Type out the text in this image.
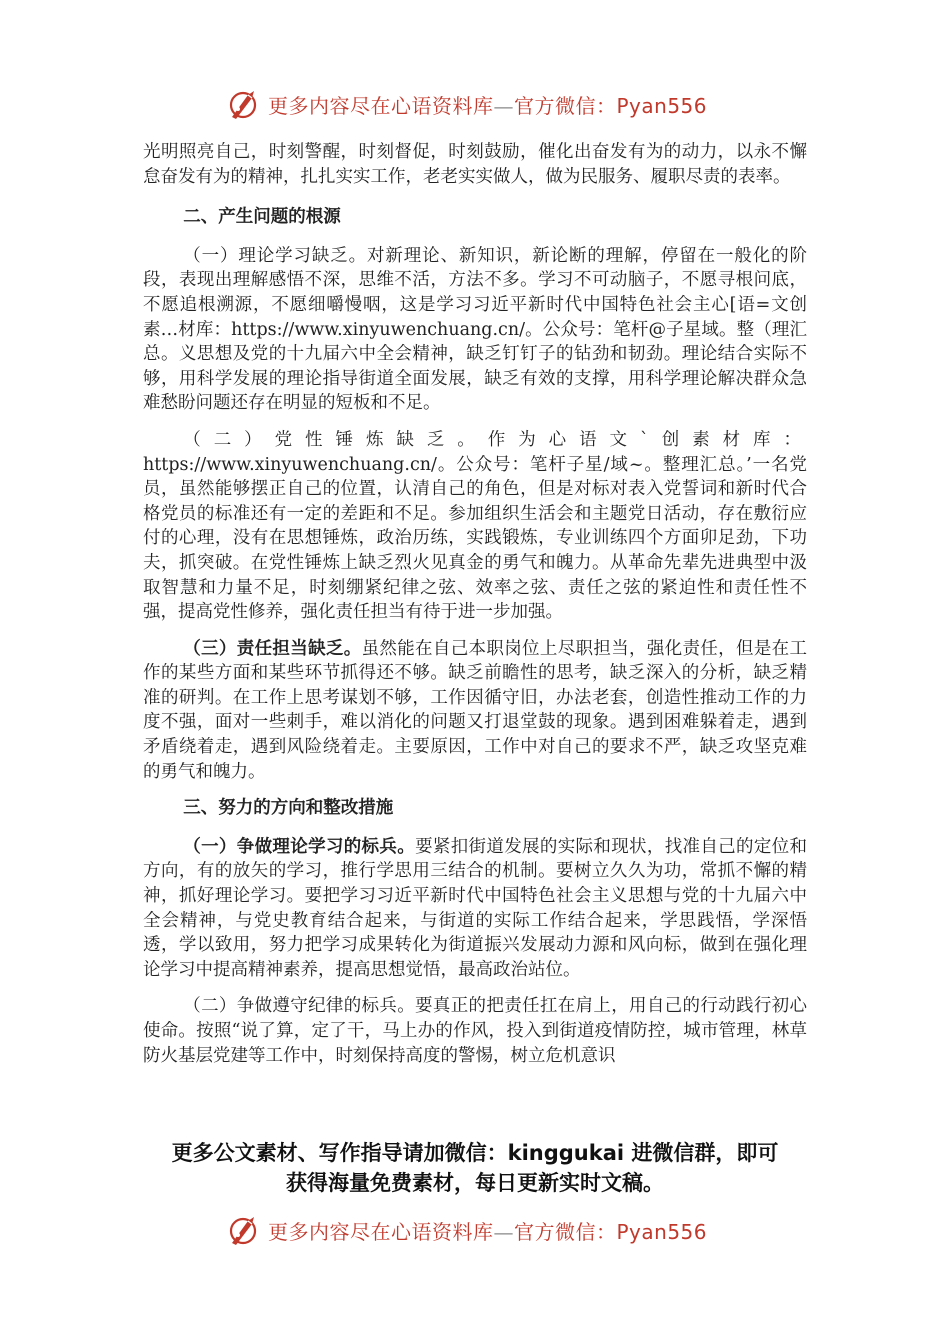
更多内容尽在心语资料库—官方微信：Pyan556

光明照亮自己，时刻警醒，时刻督促，时刻鼓励，催化出奋发有为的动力，以永不懈怠奋发有为的精神，扎扎实实工作，老老实实做人，做为民服务、履职尽责的表率。

二、产生问题的根源

（一）理论学习缺乏。对新理论、新知识，新论断的理解，停留在一般化的阶段，表现出理解感悟不深，思维不活，方法不多。学习不可动脑子，不愿寻根问底，不愿追根溯源，不愿细嚼慢咽，这是学习习近平新时代中国特色社会主心[语=文创素…材库：https://www.xinyuwenchuang.cn/。公众号：笔杆@子星域。整（理汇总。义思想及党的十九届六中全会精神，缺乏钉钉子的钻劲和韧劲。理论结合实际不够，用科学发展的理论指导街道全面发展，缺乏有效的支撑，用科学理论解决群众急难愁盼问题还存在明显的短板和不足。

（二）党性锤炼缺乏。作为心语文`创素材库：https://www.xinyuwenchuang.cn/。公众号：笔杆子星/域~。整理汇总。’一名党员，虽然能够摆正自己的位置，认清自己的角色，但是对标对表入党誓词和新时代合格党员的标准还有一定的差距和不足。参加组织生活会和主题党日活动，存在敷衍应付的心理，没有在思想锤炼，政治历练，实践锻炼，专业训练四个方面卯足劲，下功夫，抓突破。在党性锤炼上缺乏烈火见真金的勇气和魄力。从革命先辈先进典型中汲取智慧和力量不足，时刻绷紧纪律之弦、效率之弦、责任之弦的紧迫性和责任性不强，提高党性修养，强化责任担当有待于进一步加强。

（三）责任担当缺乏。虽然能在自己本职岗位上尽职担当，强化责任，但是在工作的某些方面和某些环节抓得还不够。缺乏前瞻性的思考，缺乏深入的分析，缺乏精准的研判。在工作上思考谋划不够，工作因循守旧，办法老套，创造性推动工作的力度不强，面对一些刺手，难以消化的问题又打退堂鼓的现象。遇到困难躲着走，遇到矛盾绕着走，遇到风险绕着走。主要原因，工作中对自己的要求不严，缺乏攻坚克难的勇气和魄力。

三、努力的方向和整改措施

（一）争做理论学习的标兵。要紧扣街道发展的实际和现状，找准自己的定位和方向，有的放矢的学习，推行学思用三结合的机制。要树立久久为功，常抓不懈的精神，抓好理论学习。要把学习习近平新时代中国特色社会主义思想与党的十九届六中全会精神，与党史教育结合起来，与街道的实际工作结合起来，学思践悟，学深悟透，学以致用，努力把学习成果转化为街道振兴发展动力源和风向标，做到在强化理论学习中提高精神素养，提高思想觉悟，最高政治站位。

（二）争做遵守纪律的标兵。要真正的把责任扛在肩上，用自己的行动践行初心使命。按照“说了算，定了干，马上办的作风，投入到街道疫情防控，城市管理，林草防火基层党建等工作中，时刻保持高度的警惕，树立危机意识

更多公文素材、写作指导请加微信：kinggukai 进微信群，即可
获得海量免费素材，每日更新实时文稿。
更多内容尽在心语资料库—官方微信：Pyan556
